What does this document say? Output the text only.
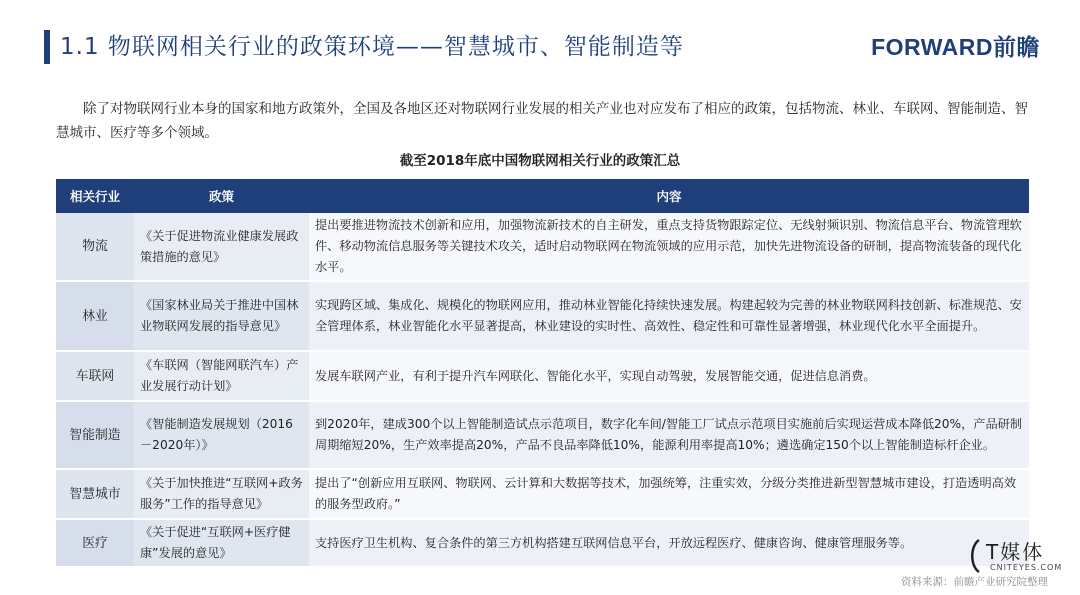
1.1 物联网相关行业的政策环境——智慧城市、智能制造等	FORWARD前瞻
除了对物联网行业本身的国家和地方政策外，全国及各地区还对物联网行业发展的相关产业也对应发布了相应的政策，包括物流、林业、车联网、智能制造、智慧城市、医疗等多个领域。
截至2018年底中国物联网相关行业的政策汇总
相关行业	政策	内容
物流	《关于促进物流业健康发展政策措施的意见》	提出要推进物流技术创新和应用，加强物流新技术的自主研发，重点支持货物跟踪定位、无线射频识别、物流信息平台、物流管理软件、移动物流信息服务等关键技术攻关，适时启动物联网在物流领域的应用示范，加快先进物流设备的研制，提高物流装备的现代化水平。
林业	《国家林业局关于推进中国林业物联网发展的指导意见》	实现跨区域、集成化、规模化的物联网应用，推动林业智能化持续快速发展。构建起较为完善的林业物联网科技创新、标准规范、安全管理体系，林业智能化水平显著提高，林业建设的实时性、高效性、稳定性和可靠性显著增强，林业现代化水平全面提升。
车联网	《车联网（智能网联汽车）产业发展行动计划》	发展车联网产业，有利于提升汽车网联化、智能化水平，实现自动驾驶，发展智能交通，促进信息消费。
智能制造	《智能制造发展规划（2016－2020年）》	到2020年，建成300个以上智能制造试点示范项目，数字化车间/智能工厂试点示范项目实施前后实现运营成本降低20%，产品研制周期缩短20%，生产效率提高20%，产品不良品率降低10%，能源利用率提高10%；遴选确定150个以上智能制造标杆企业。
智慧城市	《关于加快推进“互联网+政务服务”工作的指导意见》	提出了“创新应用互联网、物联网、云计算和大数据等技术，加强统筹，注重实效，分级分类推进新型智慧城市建设，打造透明高效的服务型政府。”
医疗	《关于促进“互联网+医疗健康”发展的意见》	支持医疗卫生机构、复合条件的第三方机构搭建互联网信息平台，开放远程医疗、健康咨询、健康管理服务等。	T媒体
CNITEYES.COM
资料来源：前瞻产业研究院整理
